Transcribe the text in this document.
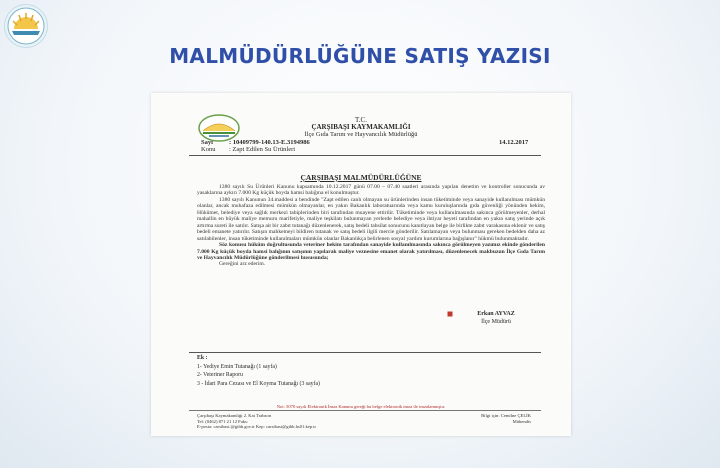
MALMÜDÜRLÜĞÜNE SATIŞ YAZISI
T.C.
ÇARŞIBAŞI KAYMAKAMLIĞI
İlçe Gıda Tarım ve Hayvancılık Müdürlüğü
Sayı : 10409799-140.13-E.3194986	14.12.2017
Konu : Zapt Edilen Su Ürünleri
ÇARŞIBAŞI MALMÜDÜRLÜĞÜNE

1380 sayılı Su Ürünleri Kanunu kapsamında 10.12.2017 günü 07.00 – 07.40 saatleri arasında yapılan denetim ve kontroller sonucunda av yasaklarına aykırı 7.000 Kg küçük boyda hamsi balığına el konulmuştur.

1380 sayılı Kanunun 34.maddesi a bendinde "Zapt edilen canlı olmayan su ürünlerinden insan tüketiminde veya sanayide kullanılması mümkün olanlar, ancak muhafaza edilmesi mümkün olmayanlar, en yakın Bakanlık laboratuarında veya kamu kuruluşlarında gıda güvenliği yönünden hekim, Hükümet, belediye veya sağlık merkezi tabiplerinden biri tarafından muayene ettirilir. Tüketiminde veya kullanılmasında sakınca görülmeyenler, derhal mahallin en büyük maliye memuru marifetiyle, maliye teşkilatı bulunmayan yerlerde belediye veya ihtiyar heyeti tarafından en yakın satış yerinde açık artırma sureti ile satılır. Satışa ait bir zabıt tutanağı düzenlenerek, satış bedeli tahsilat sonucunu kanıtlayan belge ile birlikte zabıt varakasına eklenir ve satış bedeli emanete yatırılır. Satışın mahkemeyi bildiren tutanak ve satış bedeli ilgili mercie gönderilir. Satılamayan veya bulunması gereken bedelden daha az satılabilenler, insan tüketiminde kullanılmaları mümkün olanlar Bakanlıkça belirlenen sosyal yardım kurumlarına bağışlanır" hükmü bulunmaktadır.

Söz konusu hüküm doğrultusunda veteriner hekim tarafından sanayide kullanılmasında sakınca görülmeyen yazımız ekinde gönderilen 7.000 Kg küçük boyda hamsi balığının satışının yapılarak maliye veznesine emanet olarak yatırılması, düzenlenecek makbuzun İlçe Gıda Tarım ve Hayvancılık Müdürlüğüne gönderilmesi hususunda;

Gereğini arz ederim.

Erkan AYVAZ
İlçe Müdürü
Ek :
1- Yediye Emin Tutanağı (1 sayfa)
2- Veteriner Raporu
3 - İdari Para Cezası ve El Koyma Tutanağı (3 sayfa)
Not: 5070 sayılı Elektronik İmza Kanunu gereği bu belge elektronik imza ile imzalanmıştır.
Çarşıbaşı Kaymakamlığı 2. Kat Trabzon
Tel: (0462) 871 21 12 Faks:
E-posta: carsibasi.@gthb.gov.tr Kep: carsibasi@gthb.hs01.kep.tr
Bilgi için: Cemilne ÇELİK
Mühendis
